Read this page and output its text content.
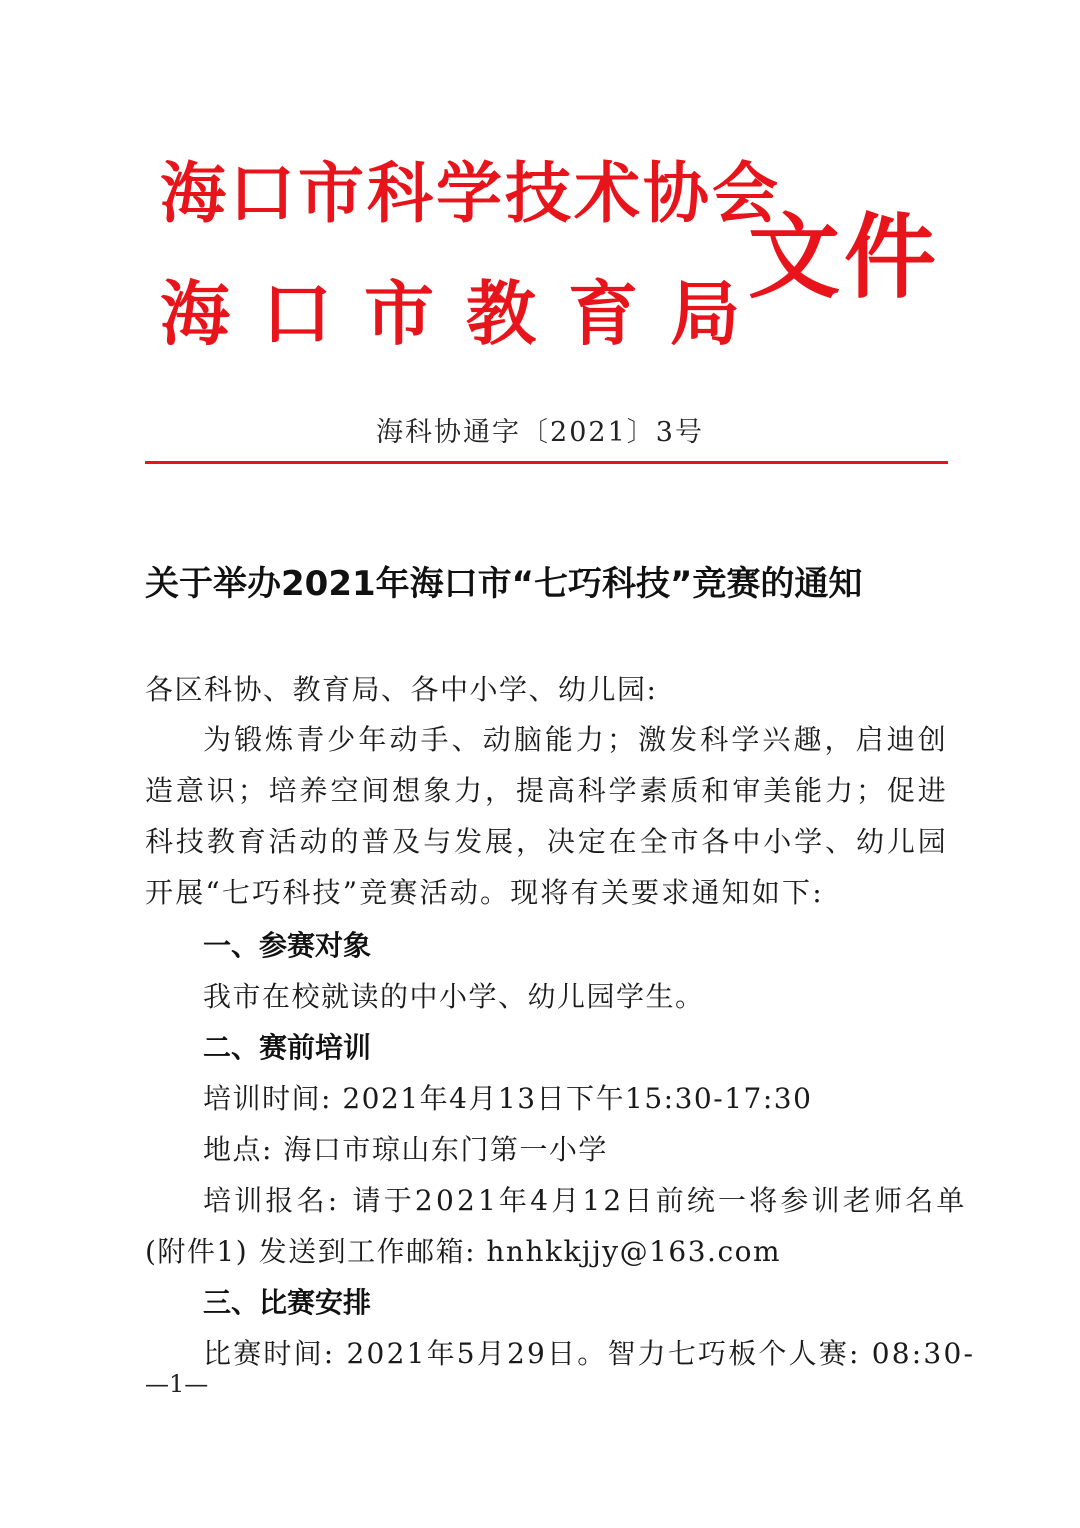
海口市科学技术协会
海口市教育局
文件
海科协通字〔2021〕3号
关于举办2021年海口市“七巧科技”竞赛的通知
各区科协、教育局、各中小学、幼儿园:
为锻炼青少年动手、动脑能力；激发科学兴趣，启迪创造意识；培养空间想象力，提高科学素质和审美能力；促进科技教育活动的普及与发展，决定在全市各中小学、幼儿园开展“七巧科技”竞赛活动。现将有关要求通知如下:
一、参赛对象
我市在校就读的中小学、幼儿园学生。
二、赛前培训
培训时间: 2021年4月13日下午15:30-17:30
地点: 海口市琼山东门第一小学
培训报名: 请于2021年4月12日前统一将参训老师名单
(附件1) 发送到工作邮箱: hnhkkjjy@163.com
三、比赛安排
比赛时间: 2021年5月29日。智力七巧板个人赛: 08:30-
—1—
